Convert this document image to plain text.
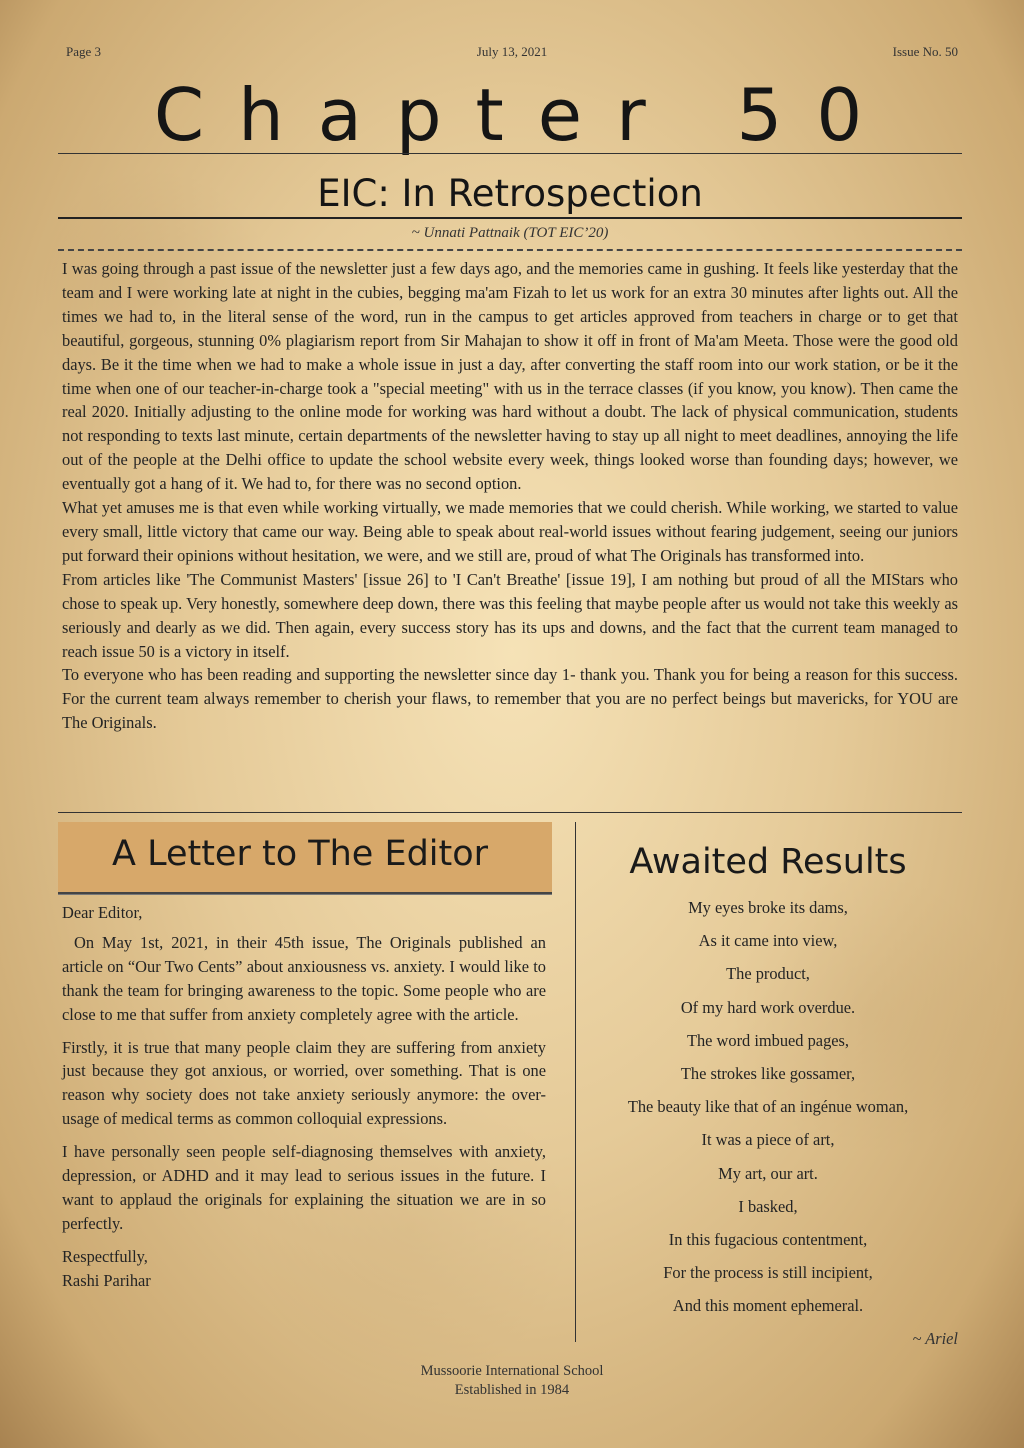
Page 3	July 13, 2021	Issue No. 50
Chapter 50
EIC: In Retrospection
~ Unnati Pattnaik (TOT EIC’20)

I was going through a past issue of the newsletter just a few days ago, and the memories came in gushing. It feels like yesterday that the team and I were working late at night in the cubies, begging ma'am Fizah to let us work for an extra 30 minutes after lights out. All the times we had to, in the literal sense of the word, run in the campus to get articles approved from teachers in charge or to get that beautiful, gorgeous, stunning 0% plagiarism report from Sir Mahajan to show it off in front of Ma'am Meeta. Those were the good old days. Be it the time when we had to make a whole issue in just a day, after converting the staff room into our work station, or be it the time when one of our teacher-in-charge took a "special meeting" with us in the terrace classes (if you know, you know). Then came the real 2020. Initially adjusting to the online mode for working was hard without a doubt. The lack of physical communication, students not responding to texts last minute, certain departments of the newsletter having to stay up all night to meet deadlines, annoying the life out of the people at the Delhi office to update the school website every week, things looked worse than founding days; however, we eventually got a hang of it. We had to, for there was no second option.

What yet amuses me is that even while working virtually, we made memories that we could cherish. While working, we started to value every small, little victory that came our way. Being able to speak about real-world issues without fearing judgement, seeing our juniors put forward their opinions without hesitation, we were, and we still are, proud of what The Originals has transformed into.

From articles like 'The Communist Masters' [issue 26] to 'I Can't Breathe' [issue 19], I am nothing but proud of all the MIStars who chose to speak up. Very honestly, somewhere deep down, there was this feeling that maybe people after us would not take this weekly as seriously and dearly as we did. Then again, every success story has its ups and downs, and the fact that the current team managed to reach issue 50 is a victory in itself.

To everyone who has been reading and supporting the newsletter since day 1- thank you. Thank you for being a reason for this success. For the current team always remember to cherish your flaws, to remember that you are no perfect beings but mavericks, for YOU are The Originals.

A Letter to The Editor

Dear Editor,

On May 1st, 2021, in their 45th issue, The Originals published an article on “Our Two Cents” about anxiousness vs. anxiety. I would like to thank the team for bringing awareness to the topic. Some people who are close to me that suffer from anxiety completely agree with the article.

Firstly, it is true that many people claim they are suffering from anxiety just because they got anxious, or worried, over something. That is one reason why society does not take anxiety seriously anymore: the over-usage of medical terms as common colloquial expressions.

I have personally seen people self-diagnosing themselves with anxiety, depression, or ADHD and it may lead to serious issues in the future. I want to applaud the originals for explaining the situation we are in so perfectly.

Respectfully,

Rashi Parihar

Awaited Results
My eyes broke its dams,
As it came into view,
The product,
Of my hard work overdue.
The word imbued pages,
The strokes like gossamer,
The beauty like that of an ingénue woman,
It was a piece of art,
My art, our art.
I basked,
In this fugacious contentment,
For the process is still incipient,
And this moment ephemeral.
~ Ariel
Mussoorie International School
Established in 1984
